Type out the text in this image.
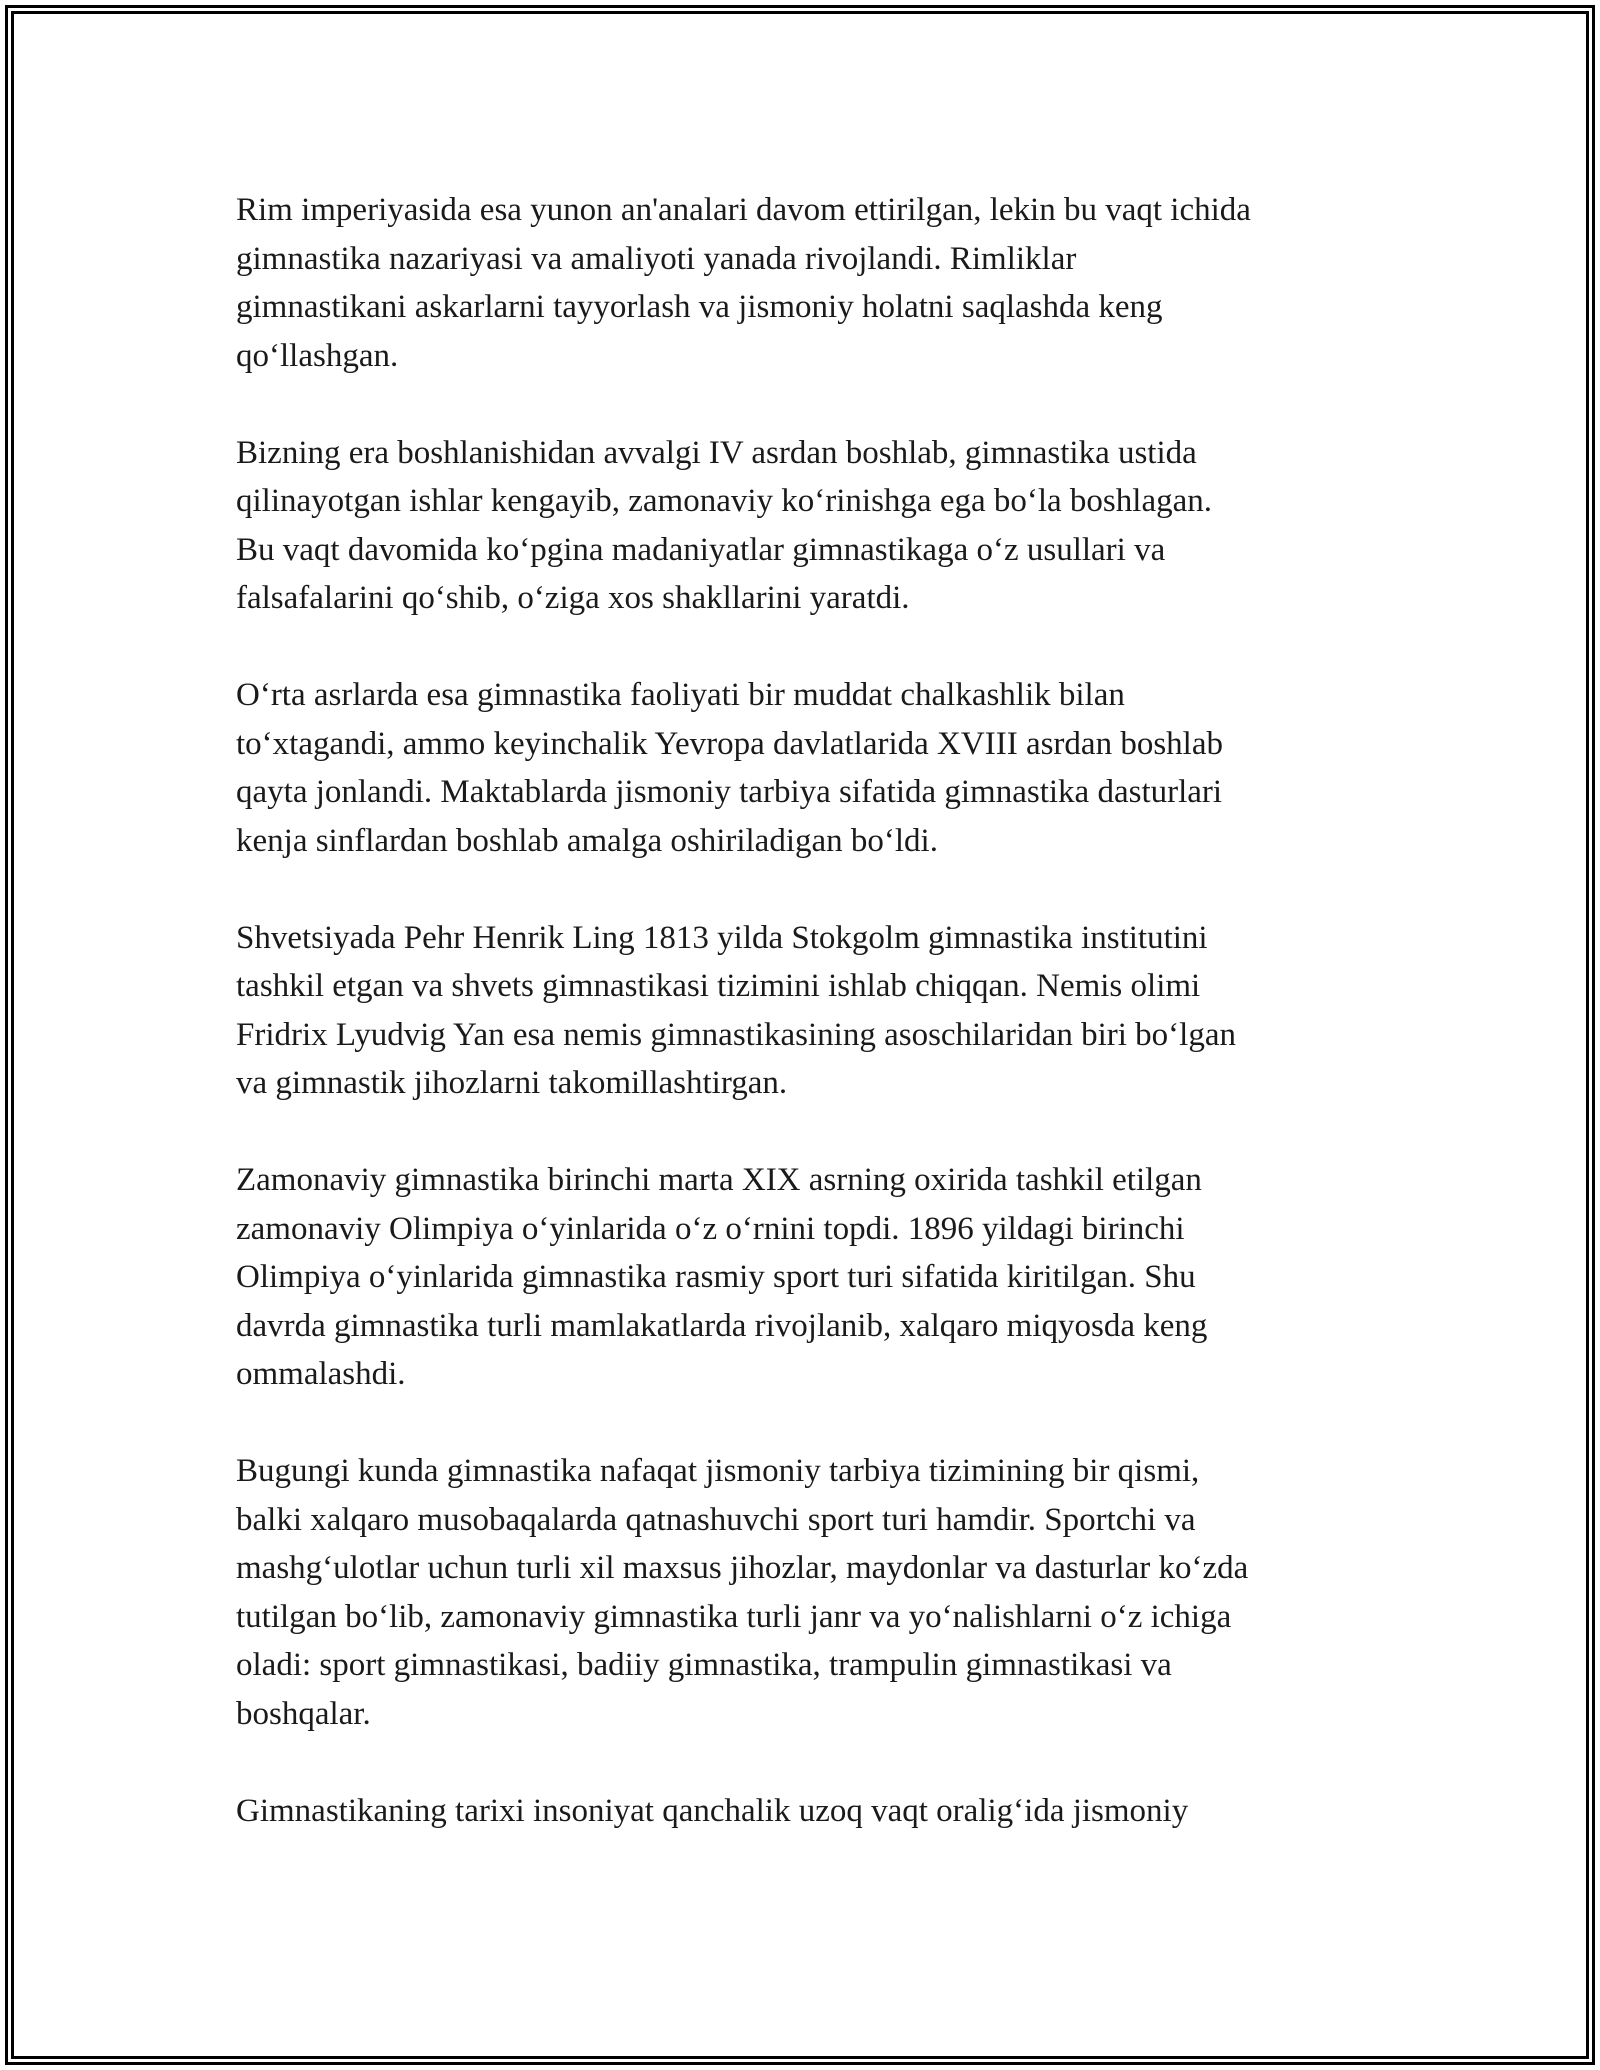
Rim imperiyasida esa yunon an'analari davom ettirilgan, lekin bu vaqt ichida
gimnastika nazariyasi va amaliyoti yanada rivojlandi. Rimliklar
gimnastikani askarlarni tayyorlash va jismoniy holatni saqlashda keng
qo‘llashgan.

Bizning era boshlanishidan avvalgi IV asrdan boshlab, gimnastika ustida
qilinayotgan ishlar kengayib, zamonaviy ko‘rinishga ega bo‘la boshlagan.
Bu vaqt davomida ko‘pgina madaniyatlar gimnastikaga o‘z usullari va
falsafalarini qo‘shib, o‘ziga xos shakllarini yaratdi.

O‘rta asrlarda esa gimnastika faoliyati bir muddat chalkashlik bilan
to‘xtagandi, ammo keyinchalik Yevropa davlatlarida XVIII asrdan boshlab
qayta jonlandi. Maktablarda jismoniy tarbiya sifatida gimnastika dasturlari
kenja sinflardan boshlab amalga oshiriladigan bo‘ldi.

Shvetsiyada Pehr Henrik Ling 1813 yilda Stokgolm gimnastika institutini
tashkil etgan va shvets gimnastikasi tizimini ishlab chiqqan. Nemis olimi
Fridrix Lyudvig Yan esa nemis gimnastikasining asoschilaridan biri bo‘lgan
va gimnastik jihozlarni takomillashtirgan.

Zamonaviy gimnastika birinchi marta XIX asrning oxirida tashkil etilgan
zamonaviy Olimpiya o‘yinlarida o‘z o‘rnini topdi. 1896 yildagi birinchi
Olimpiya o‘yinlarida gimnastika rasmiy sport turi sifatida kiritilgan. Shu
davrda gimnastika turli mamlakatlarda rivojlanib, xalqaro miqyosda keng
ommalashdi.

Bugungi kunda gimnastika nafaqat jismoniy tarbiya tizimining bir qismi,
balki xalqaro musobaqalarda qatnashuvchi sport turi hamdir. Sportchi va
mashg‘ulotlar uchun turli xil maxsus jihozlar, maydonlar va dasturlar ko‘zda
tutilgan bo‘lib, zamonaviy gimnastika turli janr va yo‘nalishlarni o‘z ichiga
oladi: sport gimnastikasi, badiiy gimnastika, trampulin gimnastikasi va
boshqalar.

Gimnastikaning tarixi insoniyat qanchalik uzoq vaqt oralig‘ida jismoniy
